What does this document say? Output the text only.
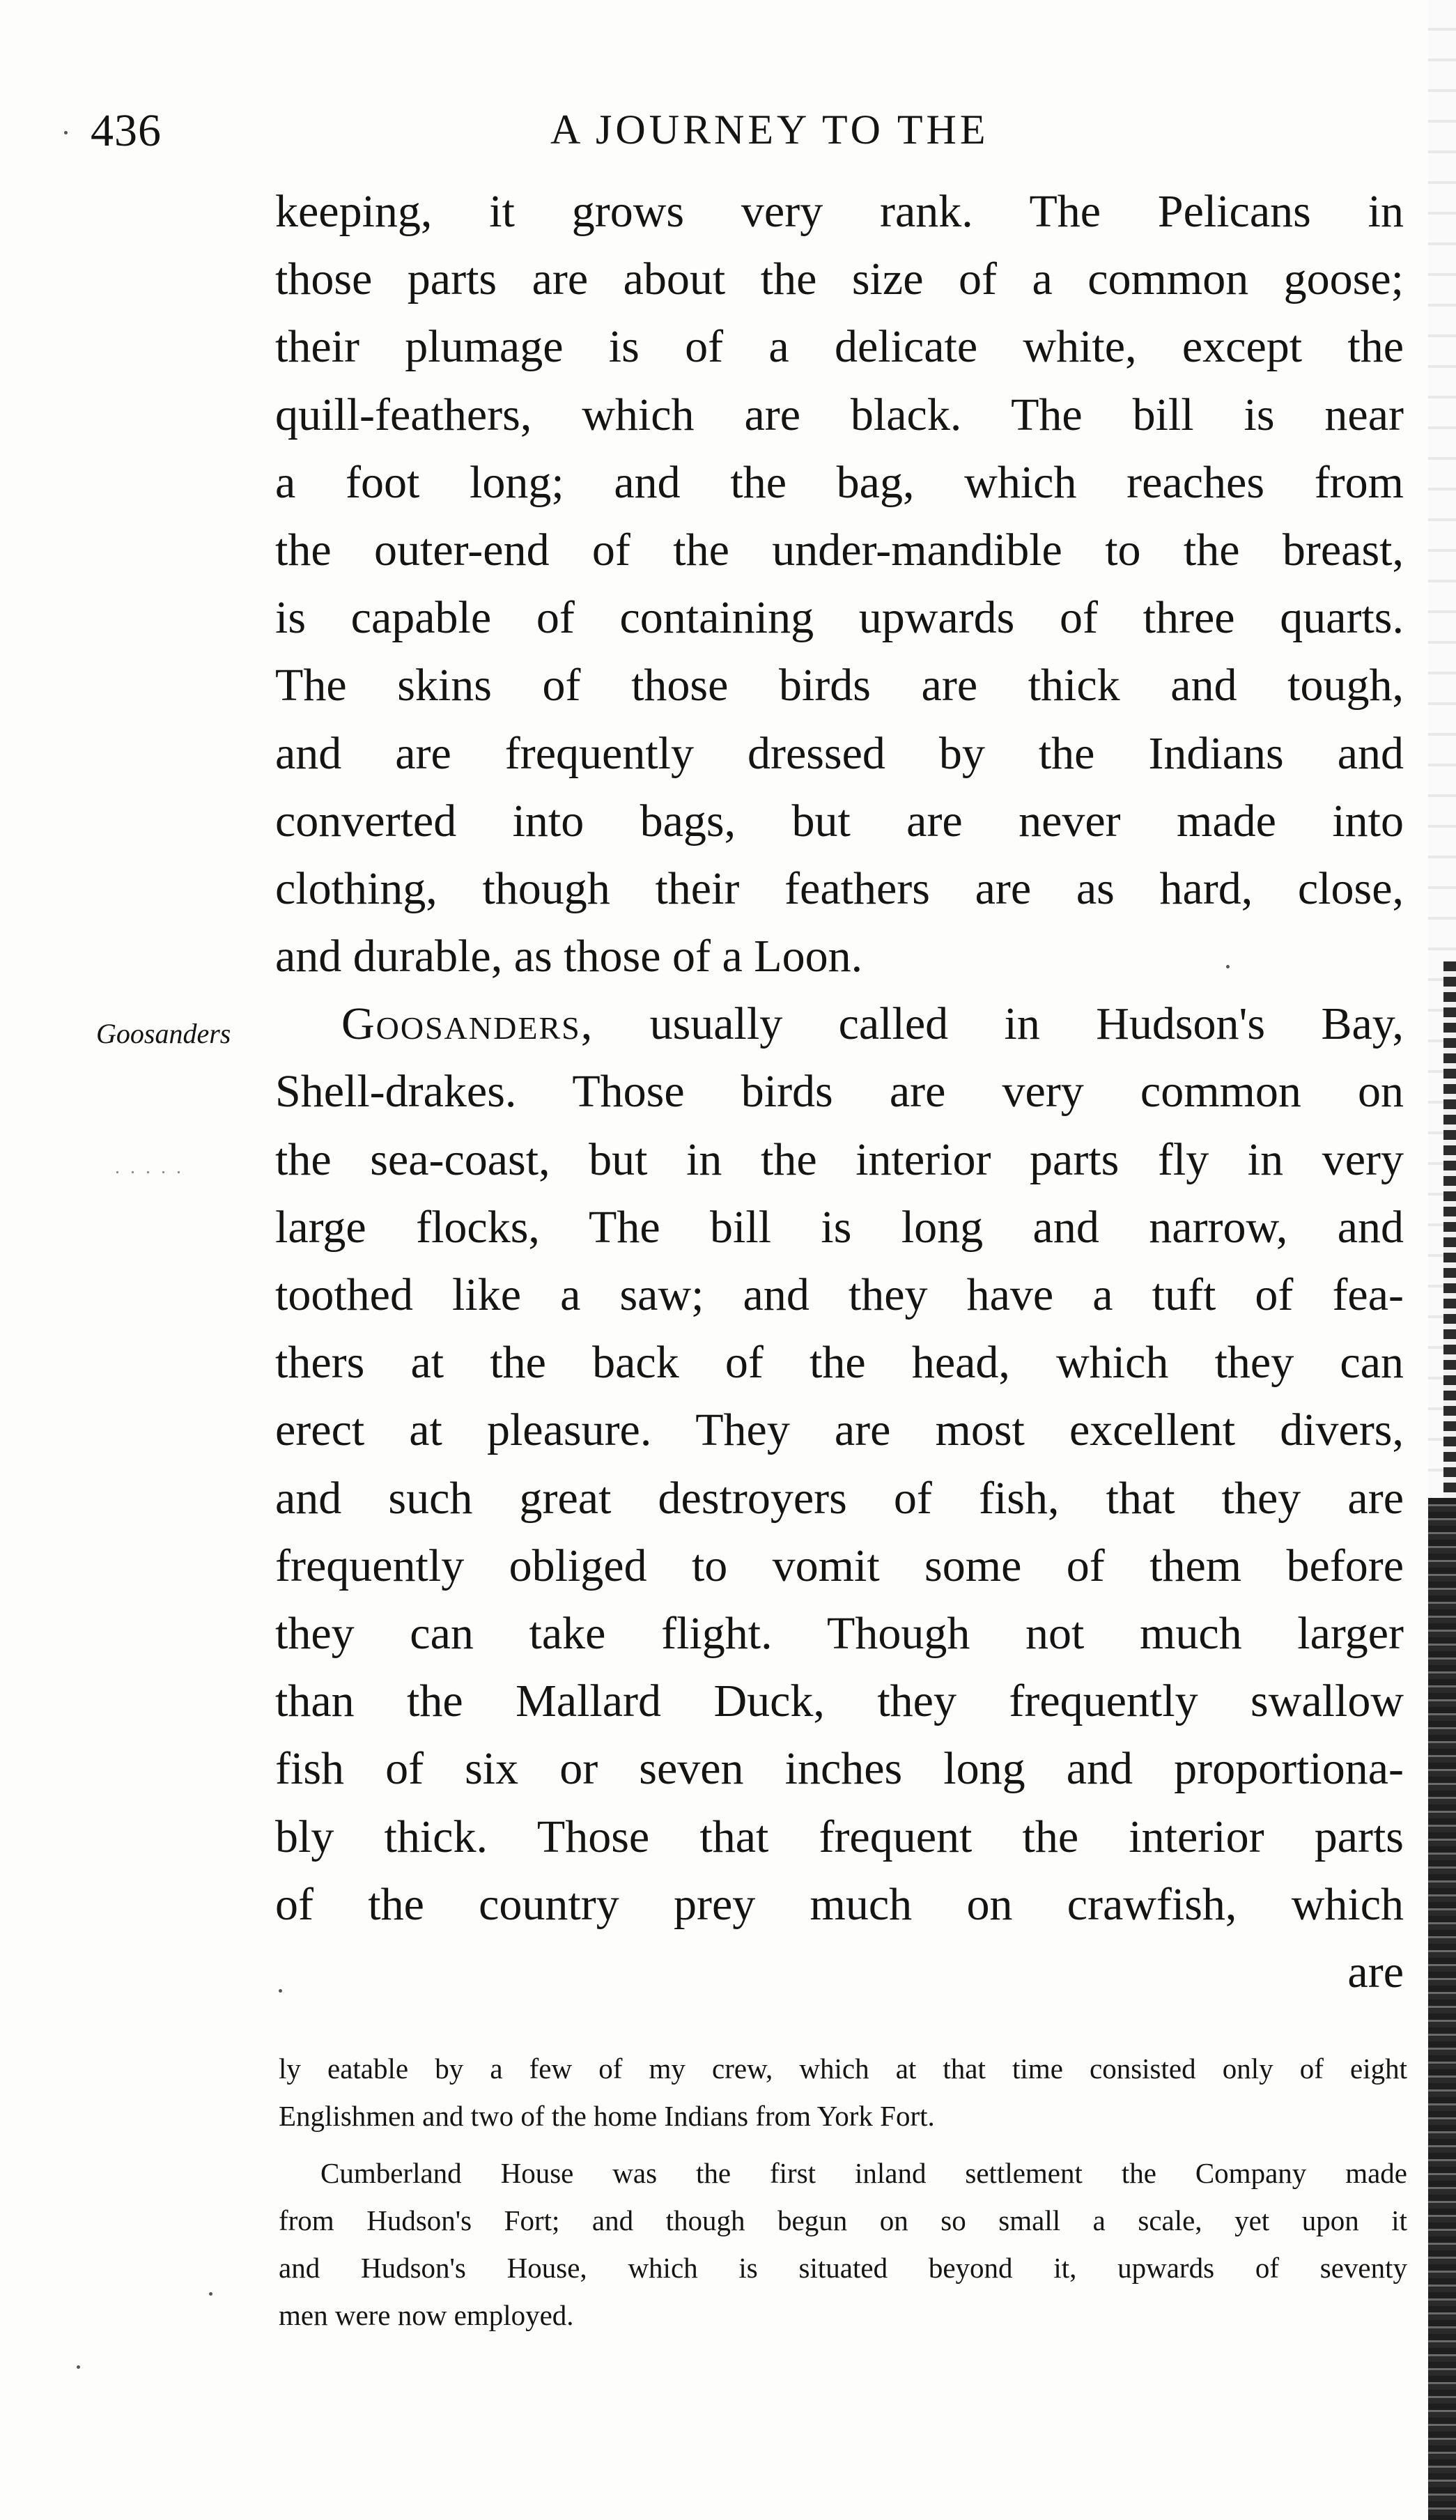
436	A JOURNEY TO THE
Goosanders
. . . . .
keeping, it grows very rank. The Pelicans in
those parts are about the size of a common goose;
their plumage is of a delicate white, except the
quill-feathers, which are black. The bill is near
a foot long; and the bag, which reaches from
the outer-end of the under-mandible to the breast,
is capable of containing upwards of three quarts.
The skins of those birds are thick and tough,
and are frequently dressed by the Indians and
converted into bags, but are never made into
clothing, though their feathers are as hard, close,
and durable, as those of a Loon.
Goosanders, usually called in Hudson's Bay,
Shell-drakes. Those birds are very common on
the sea-coast, but in the interior parts fly in very
large flocks, The bill is long and narrow, and
toothed like a saw; and they have a tuft of fea-
thers at the back of the head, which they can
erect at pleasure. They are most excellent divers,
and such great destroyers of fish, that they are
frequently obliged to vomit some of them before
they can take flight. Though not much larger
than the Mallard Duck, they frequently swallow
fish of six or seven inches long and proportiona-
bly thick. Those that frequent the interior parts
of the country prey much on crawfish, which
are
ly eatable by a few of my crew, which at that time consisted only of eight
Englishmen and two of the home Indians from York Fort.
Cumberland House was the first inland settlement the Company made
from Hudson's Fort; and though begun on so small a scale, yet upon it
and Hudson's House, which is situated beyond it, upwards of seventy
men were now employed.
